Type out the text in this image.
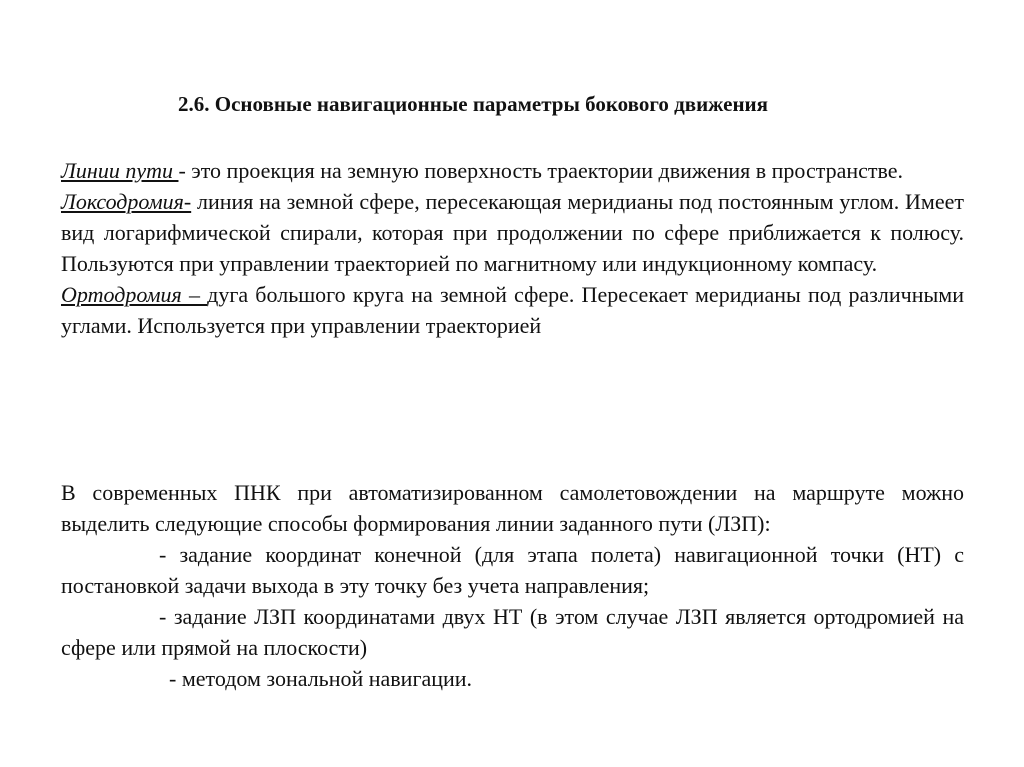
2.6. Основные навигационные параметры бокового движения

Линии пути - это проекция на земную поверхность траектории движения в пространстве.

Локсодромия- линия на земной сфере, пересекающая меридианы под постоянным углом. Имеет вид логарифмической спирали, которая при продолжении по сфере приближается к полюсу. Пользуются при управлении траекторией по магнитному или индукционному компасу.

Ортодромия – дуга большого круга на земной сфере. Пересекает меридианы под различными углами. Используется при управлении траекторией

В современных ПНК при автоматизированном самолетовождении на маршруте можно выделить следующие способы формирования линии заданного пути (ЛЗП):

- задание координат конечной (для этапа полета) навигационной точки (НТ) с постановкой задачи выхода в эту точку без учета направления;

- задание ЛЗП координатами двух НТ (в этом случае ЛЗП является ортодромией на сфере или прямой на плоскости)

- методом зональной навигации.
